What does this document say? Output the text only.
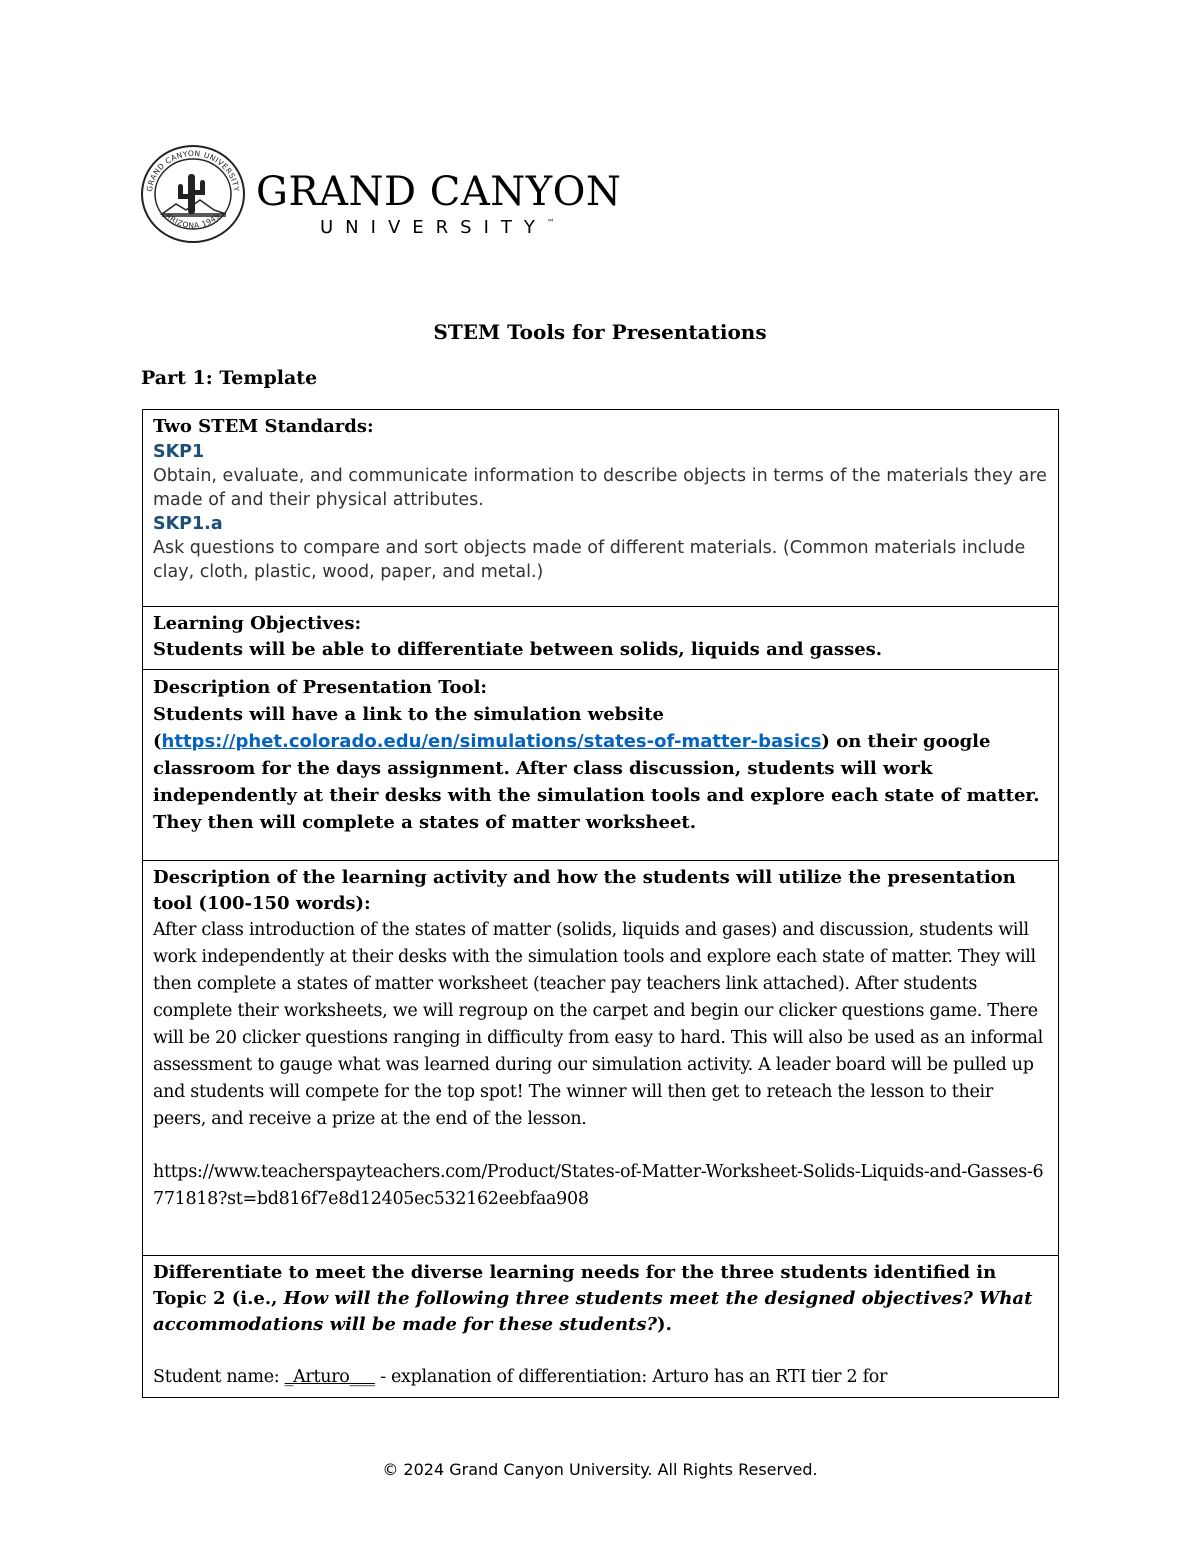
GRAND CANYON UNIVERSITY
ARIZONA 1949
GRAND CANYON
UNIVERSITY™
STEM Tools for Presentations
Part 1: Template
Two STEM Standards:
SKP1
Obtain, evaluate, and communicate information to describe objects in terms of the materials they are made of and their physical attributes.
SKP1.a
Ask questions to compare and sort objects made of different materials. (Common materials include clay, cloth, plastic, wood, paper, and metal.)

Learning Objectives:
Students will be able to differentiate between solids, liquids and gasses.

Description of Presentation Tool:
Students will have a link to the simulation website
(https://phet.colorado.edu/en/simulations/states-of-matter-basics) on their google classroom for the days assignment. After class discussion, students will work independently at their desks with the simulation tools and explore each state of matter. They then will complete a states of matter worksheet.

Description of the learning activity and how the students will utilize the presentation tool (100-150 words):
After class introduction of the states of matter (solids, liquids and gases) and discussion, students will work independently at their desks with the simulation tools and explore each state of matter. They will then complete a states of matter worksheet (teacher pay teachers link attached). After students complete their worksheets, we will regroup on the carpet and begin our clicker questions game. There will be 20 clicker questions ranging in difficulty from easy to hard. This will also be used as an informal assessment to gauge what was learned during our simulation activity. A leader board will be pulled up and students will compete for the top spot! The winner will then get to reteach the lesson to their peers, and receive a prize at the end of the lesson.
https://www.teacherspayteachers.com/Product/States-of-Matter-Worksheet-Solids-Liquids-and-Gasses-6771818?st=bd816f7e8d12405ec532162eebfaa908

Differentiate to meet the diverse learning needs for the three students identified in Topic 2 (i.e., How will the following three students meet the designed objectives? What accommodations will be made for these students?).
Student name: _Arturo___ - explanation of differentiation: Arturo has an RTI tier 2 for
© 2024 Grand Canyon University. All Rights Reserved.
